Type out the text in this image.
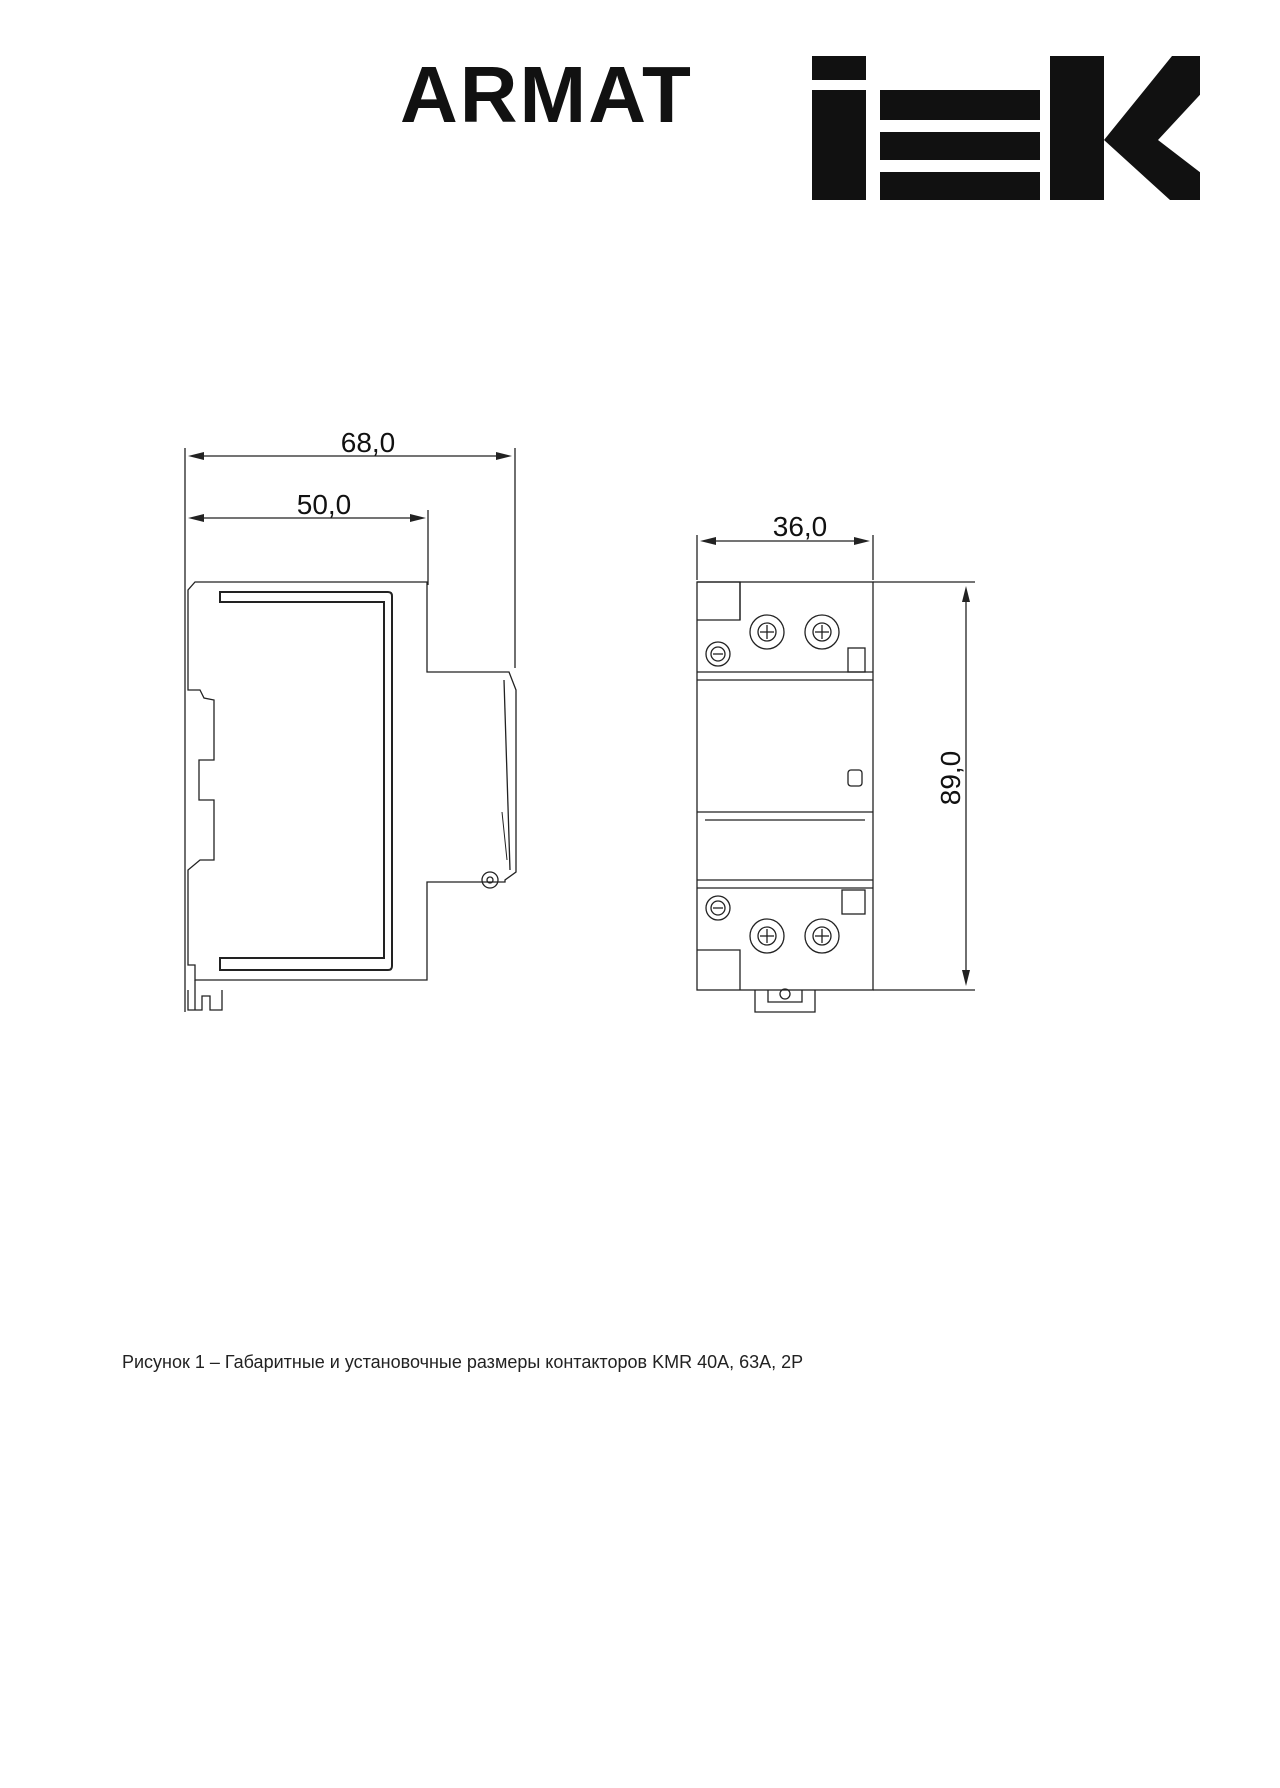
ARMAT
68,0
50,0
36,0
89,0
Рисунок 1 – Габаритные и установочные размеры контакторов KMR 40A, 63A, 2P
